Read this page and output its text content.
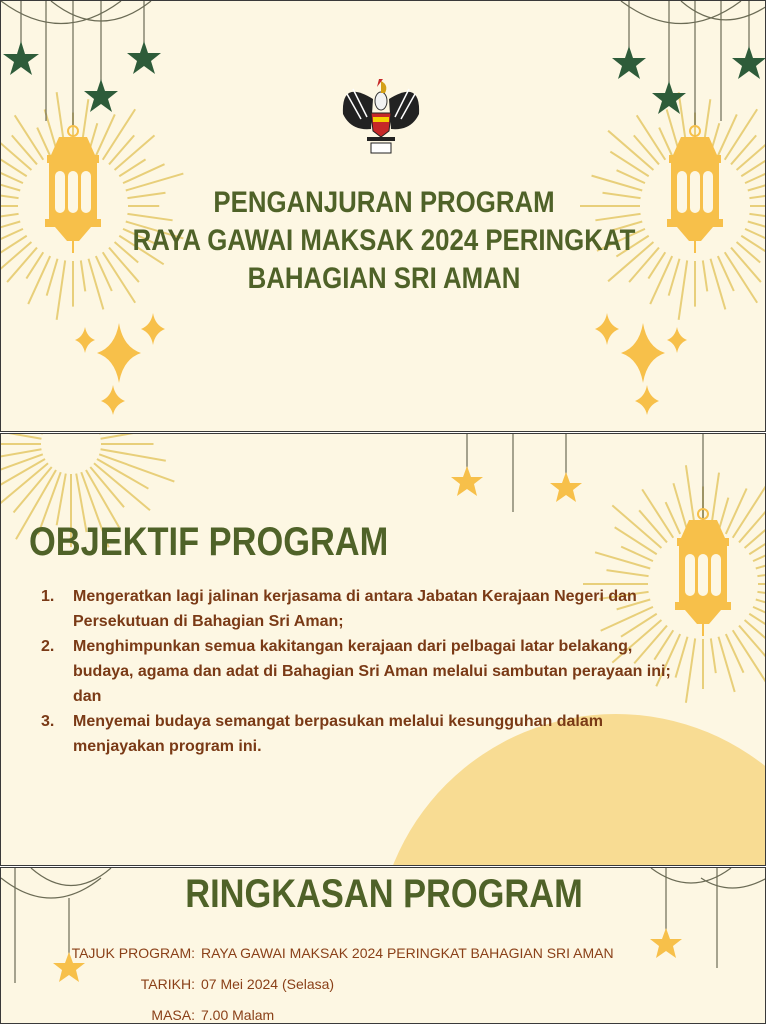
PENGANJURAN PROGRAM
RAYA GAWAI MAKSAK 2024 PERINGKAT
BAHAGIAN SRI AMAN
OBJEKTIF PROGRAM
1. Mengeratkan lagi jalinan kerjasama di antara Jabatan Kerajaan Negeri dan Persekutuan di Bahagian Sri Aman;
2. Menghimpunkan semua kakitangan kerajaan dari pelbagai latar belakang, budaya, agama dan adat di Bahagian Sri Aman melalui sambutan perayaan ini; dan
3. Menyemai budaya semangat berpasukan melalui kesungguhan dalam menjayakan program ini.
RINGKASAN PROGRAM
TAJUK PROGRAM: RAYA GAWAI MAKSAK 2024 PERINGKAT BAHAGIAN SRI AMAN
TARIKH: 07 Mei 2024 (Selasa)
MASA: 7.00 Malam
